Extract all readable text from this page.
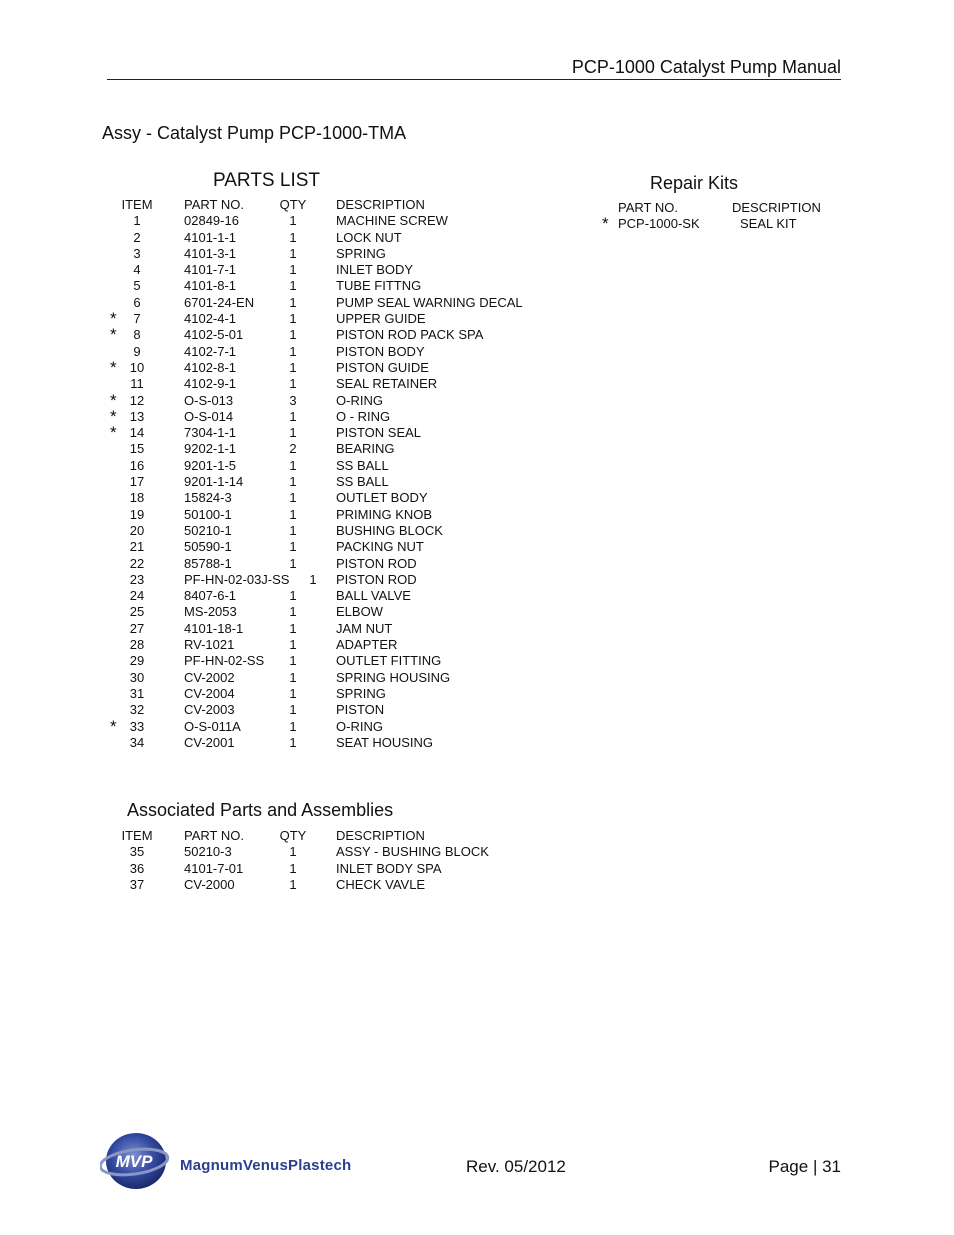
PCP-1000 Catalyst Pump Manual
Assy - Catalyst Pump PCP-1000-TMA
PARTS LIST	Repair Kits
ITEM	PART NO.	QTY DESCRIPTION
1	02849-16	1	MACHINE SCREW
2	4101-1-1	1	LOCK NUT
3	4101-3-1	1	SPRING
4	4101-7-1	1	INLET BODY
5	4101-8-1	1	TUBE FITTNG
6	6701-24-EN	1	PUMP SEAL WARNING DECAL
*	7	4102-4-1	1	UPPER GUIDE
*	8	4102-5-01	1	PISTON ROD PACK SPA
9	4102-7-1	1	PISTON BODY
*	10	4102-8-1	1	PISTON GUIDE
11	4102-9-1	1	SEAL RETAINER
*	12	O-S-013	3	O-RING
*	13	O-S-014	1	O - RING
*	14	7304-1-1	1	PISTON SEAL
15	9202-1-1	2	BEARING
16	9201-1-5	1	SS BALL
17	9201-1-14	1	SS BALL
18	15824-3	1	OUTLET BODY
19	50100-1	1	PRIMING KNOB
20	50210-1	1	BUSHING BLOCK
21	50590-1	1	PACKING NUT
22	85788-1	1	PISTON ROD
23	PF-HN-02-03J-SS	1	PISTON ROD
24	8407-6-1	1	BALL VALVE
25	MS-2053	1	ELBOW
27	4101-18-1	1	JAM NUT
28	RV-1021	1	ADAPTER
29	PF-HN-02-SS	1	OUTLET FITTING
30	CV-2002	1	SPRING HOUSING
31	CV-2004	1	SPRING
32	CV-2003	1	PISTON
*	33	O-S-011A	1	O-RING
34	CV-2001	1	SEAT HOUSING
PART NO.	DESCRIPTION
* PCP-1000-SK	SEAL KIT
Associated Parts and Assemblies
ITEM	PART NO.	QTY DESCRIPTION
35	50210-3	1	ASSY - BUSHING BLOCK
36	4101-7-01	1	INLET BODY SPA
37	CV-2000	1	CHECK VAVLE
MVP MagnumVenusPlastech	Rev. 05/2012	Page | 31
